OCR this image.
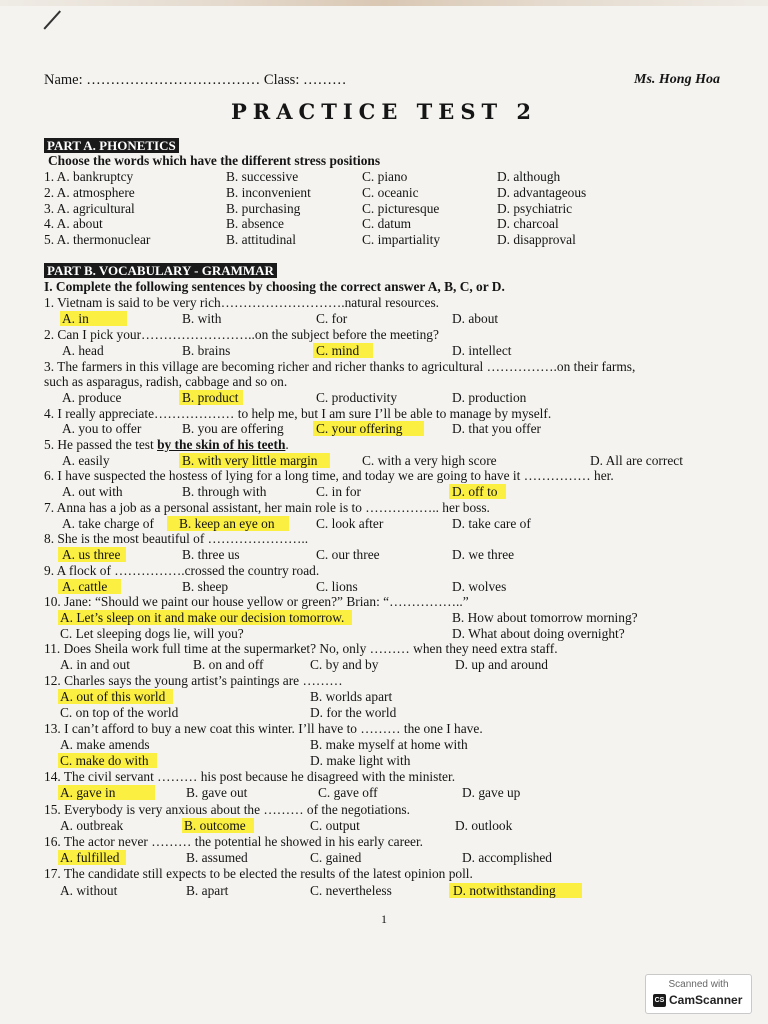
Name: ……………………………… Class: ………	Ms. Hong Hoa
PRACTICE TEST 2
PART A. PHONETICS
Choose the words which have the different stress positions
1. A. bankruptcy	B. successive	C. piano	D. although
2. A. atmosphere	B. inconvenient	C. oceanic	D. advantageous
3. A. agricultural	B. purchasing	C. picturesque	D. psychiatric
4. A. about	B. absence	C. datum	D. charcoal
5. A. thermonuclear	B. attitudinal	C. impartiality	D. disapproval
PART B. VOCABULARY - GRAMMAR
I. Complete the following sentences by choosing the correct answer A, B, C, or D.
1. Vietnam is said to be very rich……………………….natural resources.
A. in	B. with	C. for	D. about
2. Can I pick your……………………..on the subject before the meeting?
A. head	B. brains	C. mind	D. intellect
3. The farmers in this village are becoming richer and richer thanks to agricultural …………….on their farms,
such as asparagus, radish, cabbage and so on.
A. produce	B. product	C. productivity	D. production
4. I really appreciate……………… to help me, but I am sure I’ll be able to manage by myself.
A. you to offer	B. you are offering C. your offering	D. that you offer
5. He passed the test by the skin of his teeth.
A. easily	B. with very little margin	C. with a very high score	D. All are correct
6. I have suspected the hostess of lying for a long time, and today we are going to have it …………… her.
A. out with	B. through with	C. in for	D. off to
7. Anna has a job as a personal assistant, her main role is to …………….. her boss.
A. take charge of	B. keep an eye on	C. look after	D. take care of
8. She is the most beautiful of …………………..
A. us three	B. three us	C. our three	D. we three
9. A flock of …………….crossed the country road.
A. cattle	B. sheep	C. lions	D. wolves
10. Jane: “Should we paint our house yellow or green?” Brian: “……………..”
A. Let’s sleep on it and make our decision tomorrow.	B. How about tomorrow morning?
C. Let sleeping dogs lie, will you?	D. What about doing overnight?
11. Does Sheila work full time at the supermarket? No, only ……… when they need extra staff.
A. in and out	B. on and off	C. by and by	D. up and around
12. Charles says the young artist’s paintings are ………
A. out of this world	B. worlds apart
C. on top of the world	D. for the world
13. I can’t afford to buy a new coat this winter. I’ll have to ……… the one I have.
A. make amends	B. make myself at home with
C. make do with	D. make light with
14. The civil servant ……… his post because he disagreed with the minister.
A. gave in	B. gave out	C. gave off	D. gave up
15. Everybody is very anxious about the ……… of the negotiations.
A. outbreak	B. outcome	C. output	D. outlook
16. The actor never ……… the potential he showed in his early career.
A. fulfilled	B. assumed	C. gained	D. accomplished
17. The candidate still expects to be elected the results of the latest opinion poll.
A. without	B. apart	C. nevertheless	D. notwithstanding
1
Scanned with
CS CamScanner
